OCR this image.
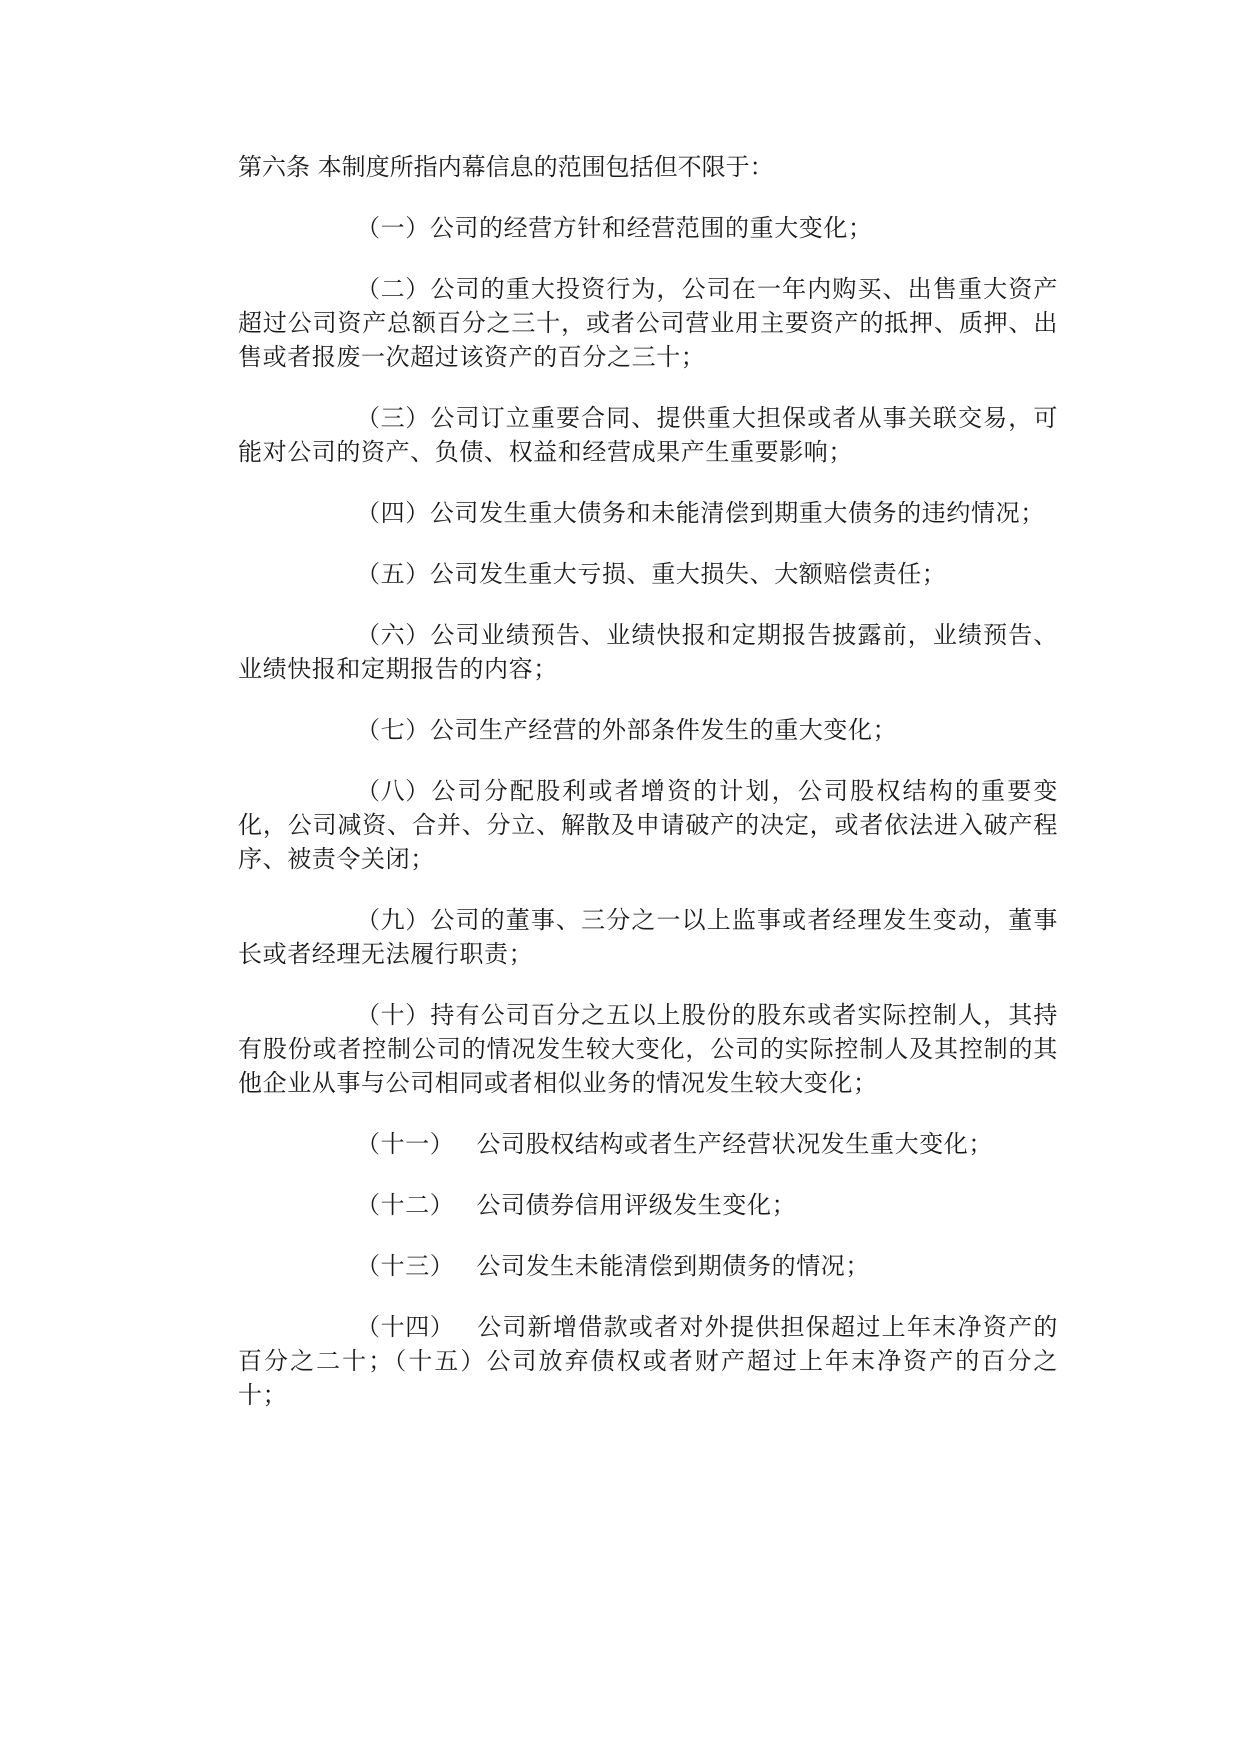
第六条 本制度所指内幕信息的范围包括但不限于：

（一）公司的经营方针和经营范围的重大变化；

（二）公司的重大投资行为，公司在一年内购买、出售重大资产超过公司资产总额百分之三十，或者公司营业用主要资产的抵押、质押、出售或者报废一次超过该资产的百分之三十；

（三）公司订立重要合同、提供重大担保或者从事关联交易，可能对公司的资产、负债、权益和经营成果产生重要影响；

（四）公司发生重大债务和未能清偿到期重大债务的违约情况；

（五）公司发生重大亏损、重大损失、大额赔偿责任；

（六）公司业绩预告、业绩快报和定期报告披露前，业绩预告、业绩快报和定期报告的内容；

（七）公司生产经营的外部条件发生的重大变化；

（八）公司分配股利或者增资的计划，公司股权结构的重要变化，公司减资、合并、分立、解散及申请破产的决定，或者依法进入破产程序、被责令关闭；

（九）公司的董事、三分之一以上监事或者经理发生变动，董事长或者经理无法履行职责；

（十）持有公司百分之五以上股份的股东或者实际控制人，其持有股份或者控制公司的情况发生较大变化，公司的实际控制人及其控制的其他企业从事与公司相同或者相似业务的情况发生较大变化；

（十一） 公司股权结构或者生产经营状况发生重大变化；

（十二） 公司债券信用评级发生变化；

（十三） 公司发生未能清偿到期债务的情况；

（十四） 公司新增借款或者对外提供担保超过上年末净资产的百分之二十；（十五）公司放弃债权或者财产超过上年末净资产的百分之十；
